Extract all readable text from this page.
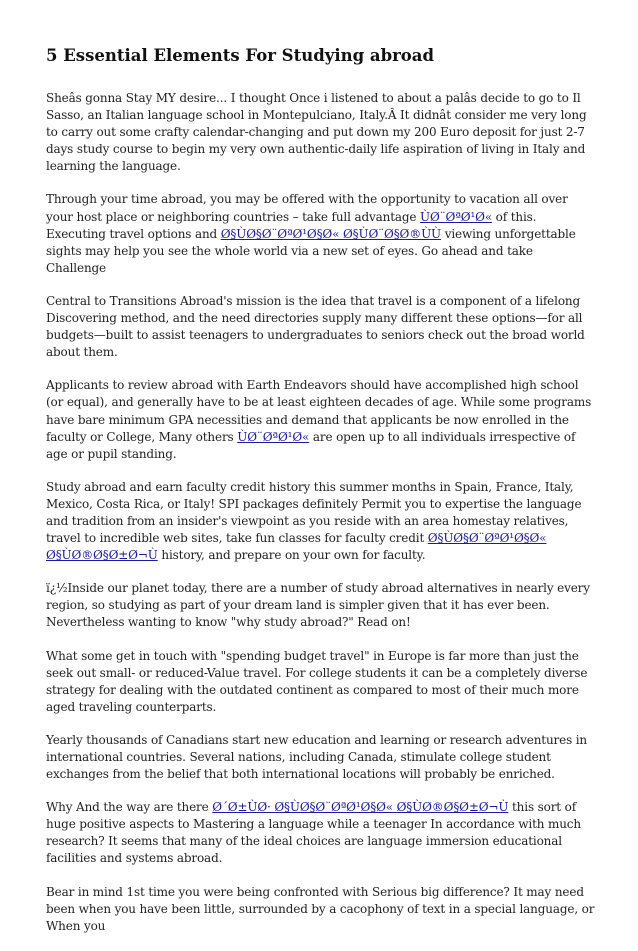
5 Essential Elements For Studying abroad

Sheâs gonna Stay MY desire... I thought Once i listened to about a palâs decide to go to Il Sasso, an Italian language school in Montepulciano, Italy.Â It didnât consider me very long to carry out some crafty calendar-changing and put down my 200 Euro deposit for just 2-7 days study course to begin my very own authentic-daily life aspiration of living in Italy and learning the language.

Through your time abroad, you may be offered with the opportunity to vacation all over your host place or neighboring countries – take full advantage ÙØ¨ØªØ¹Ø« of this. Executing travel options and Ø§ÙØ§Ø¨ØªØ¹Ø§Ø« Ø§ÙØ¨Ø§Ø®ÙÙ viewing unforgettable sights may help you see the whole world via a new set of eyes. Go ahead and take Challenge

Central to Transitions Abroad's mission is the idea that travel is a component of a lifelong Discovering method, and the need directories supply many different these options—for all budgets—built to assist teenagers to undergraduates to seniors check out the broad world about them.

Applicants to review abroad with Earth Endeavors should have accomplished high school (or equal), and generally have to be at least eighteen decades of age. While some programs have bare minimum GPA necessities and demand that applicants be now enrolled in the faculty or College, Many others ÙØ¨ØªØ¹Ø« are open up to all individuals irrespective of age or pupil standing.

Study abroad and earn faculty credit history this summer months in Spain, France, Italy, Mexico, Costa Rica, or Italy! SPI packages definitely Permit you to expertise the language and tradition from an insider's viewpoint as you reside with an area homestay relatives, travel to incredible web sites, take fun classes for faculty credit Ø§ÙØ§Ø¨ØªØ¹Ø§Ø« Ø§ÙØ®Ø§Ø±Ø¬Ù history, and prepare on your own for faculty.

ï¿½Inside our planet today, there are a number of study abroad alternatives in nearly every region, so studying as part of your dream land is simpler given that it has ever been. Nevertheless wanting to know "why study abroad?" Read on!

What some get in touch with "spending budget travel" in Europe is far more than just the seek out small- or reduced-Value travel. For college students it can be a completely diverse strategy for dealing with the outdated continent as compared to most of their much more aged traveling counterparts.

Yearly thousands of Canadians start new education and learning or research adventures in international countries. Several nations, including Canada, stimulate college student exchanges from the belief that both international locations will probably be enriched.

Why And the way are there Ø´Ø±ÙØ· Ø§ÙØ§Ø¨ØªØ¹Ø§Ø« Ø§ÙØ®Ø§Ø±Ø¬Ù this sort of huge positive aspects to Mastering a language while a teenager In accordance with much research? It seems that many of the ideal choices are language immersion educational facilities and systems abroad.

Bear in mind 1st time you were being confronted with Serious big difference? It may need been when you have been little, surrounded by a cacophony of text in a special language, or When you
